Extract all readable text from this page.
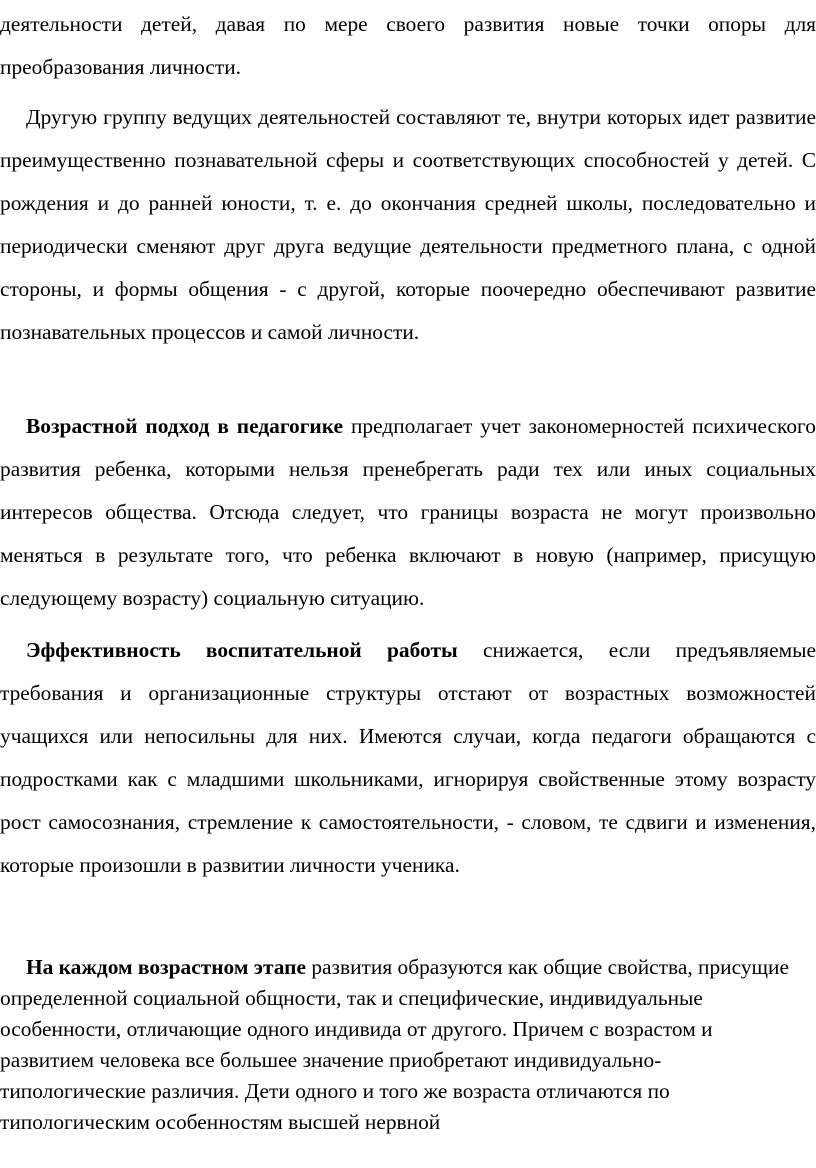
деятельности детей, давая по мере своего развития новые точки опоры для преобразования личности.

Другую группу ведущих деятельностей составляют те, внутри которых идет развитие преимущественно познавательной сферы и соответствующих способностей у детей. С рождения и до ранней юности, т. е. до окончания средней школы, последовательно и периодически сменяют друг друга ведущие деятельности предметного плана, с одной стороны, и формы общения - с другой, которые поочередно обеспечивают развитие познавательных процессов и самой личности.

Возрастной подход в педагогике предполагает учет закономерностей психического развития ребенка, которыми нельзя пренебрегать ради тех или иных социальных интересов общества. Отсюда следует, что границы возраста не могут произвольно меняться в результате того, что ребенка включают в новую (например, присущую следующему возрасту) социальную ситуацию.

Эффективность воспитательной работы снижается, если предъявляемые требования и организационные структуры отстают от возрастных возможностей учащихся или непосильны для них. Имеются случаи, когда педагоги обращаются с подростками как с младшими школьниками, игнорируя свойственные этому возрасту рост самосознания, стремление к самостоятельности, - словом, те сдвиги и изменения, которые произошли в развитии личности ученика.

На каждом возрастном этапе развития образуются как общие свойства, присущие определенной социальной общности, так и специфические, индивидуальные особенности, отличающие одного индивида от другого. Причем с возрастом и развитием человека все большее значение приобретают индивидуально-типологические различия. Дети одного и того же возраста отличаются по типологическим особенностям высшей нервной
